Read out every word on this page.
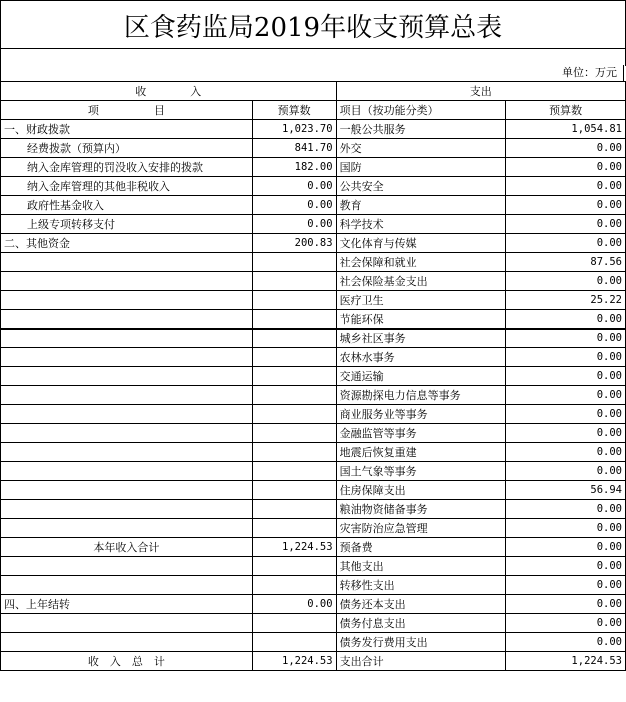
区食药监局2019年收支预算总表
单位：万元
收　　　　入		支出	
项　　　　　目	预算数	项目（按功能分类）	预算数
一、财政拨款	1,023.70	一般公共服务	1,054.81
经费拨款（预算内）	841.70	外交	0.00
纳入金库管理的罚没收入安排的拨款	182.00	国防	0.00
纳入金库管理的其他非税收入	0.00	公共安全	0.00
政府性基金收入	0.00	教育	0.00
上级专项转移支付	0.00	科学技术	0.00
二、其他资金	200.83	文化体育与传媒	0.00
		社会保障和就业	87.56
		社会保险基金支出	0.00
		医疗卫生	25.22
		节能环保	0.00
		城乡社区事务	0.00
		农林水事务	0.00
		交通运输	0.00
		资源勘探电力信息等事务	0.00
		商业服务业等事务	0.00
		金融监管等事务	0.00
		地震后恢复重建	0.00
		国土气象等事务	0.00
		住房保障支出	56.94
		粮油物资储备事务	0.00
		灾害防治应急管理	0.00
本年收入合计	1,224.53	预备费	0.00
		其他支出	0.00
		转移性支出	0.00
四、上年结转	0.00	债务还本支出	0.00
		债务付息支出	0.00
		债务发行费用支出	0.00
收　入　总　计	1,224.53	支出合计	1,224.53
